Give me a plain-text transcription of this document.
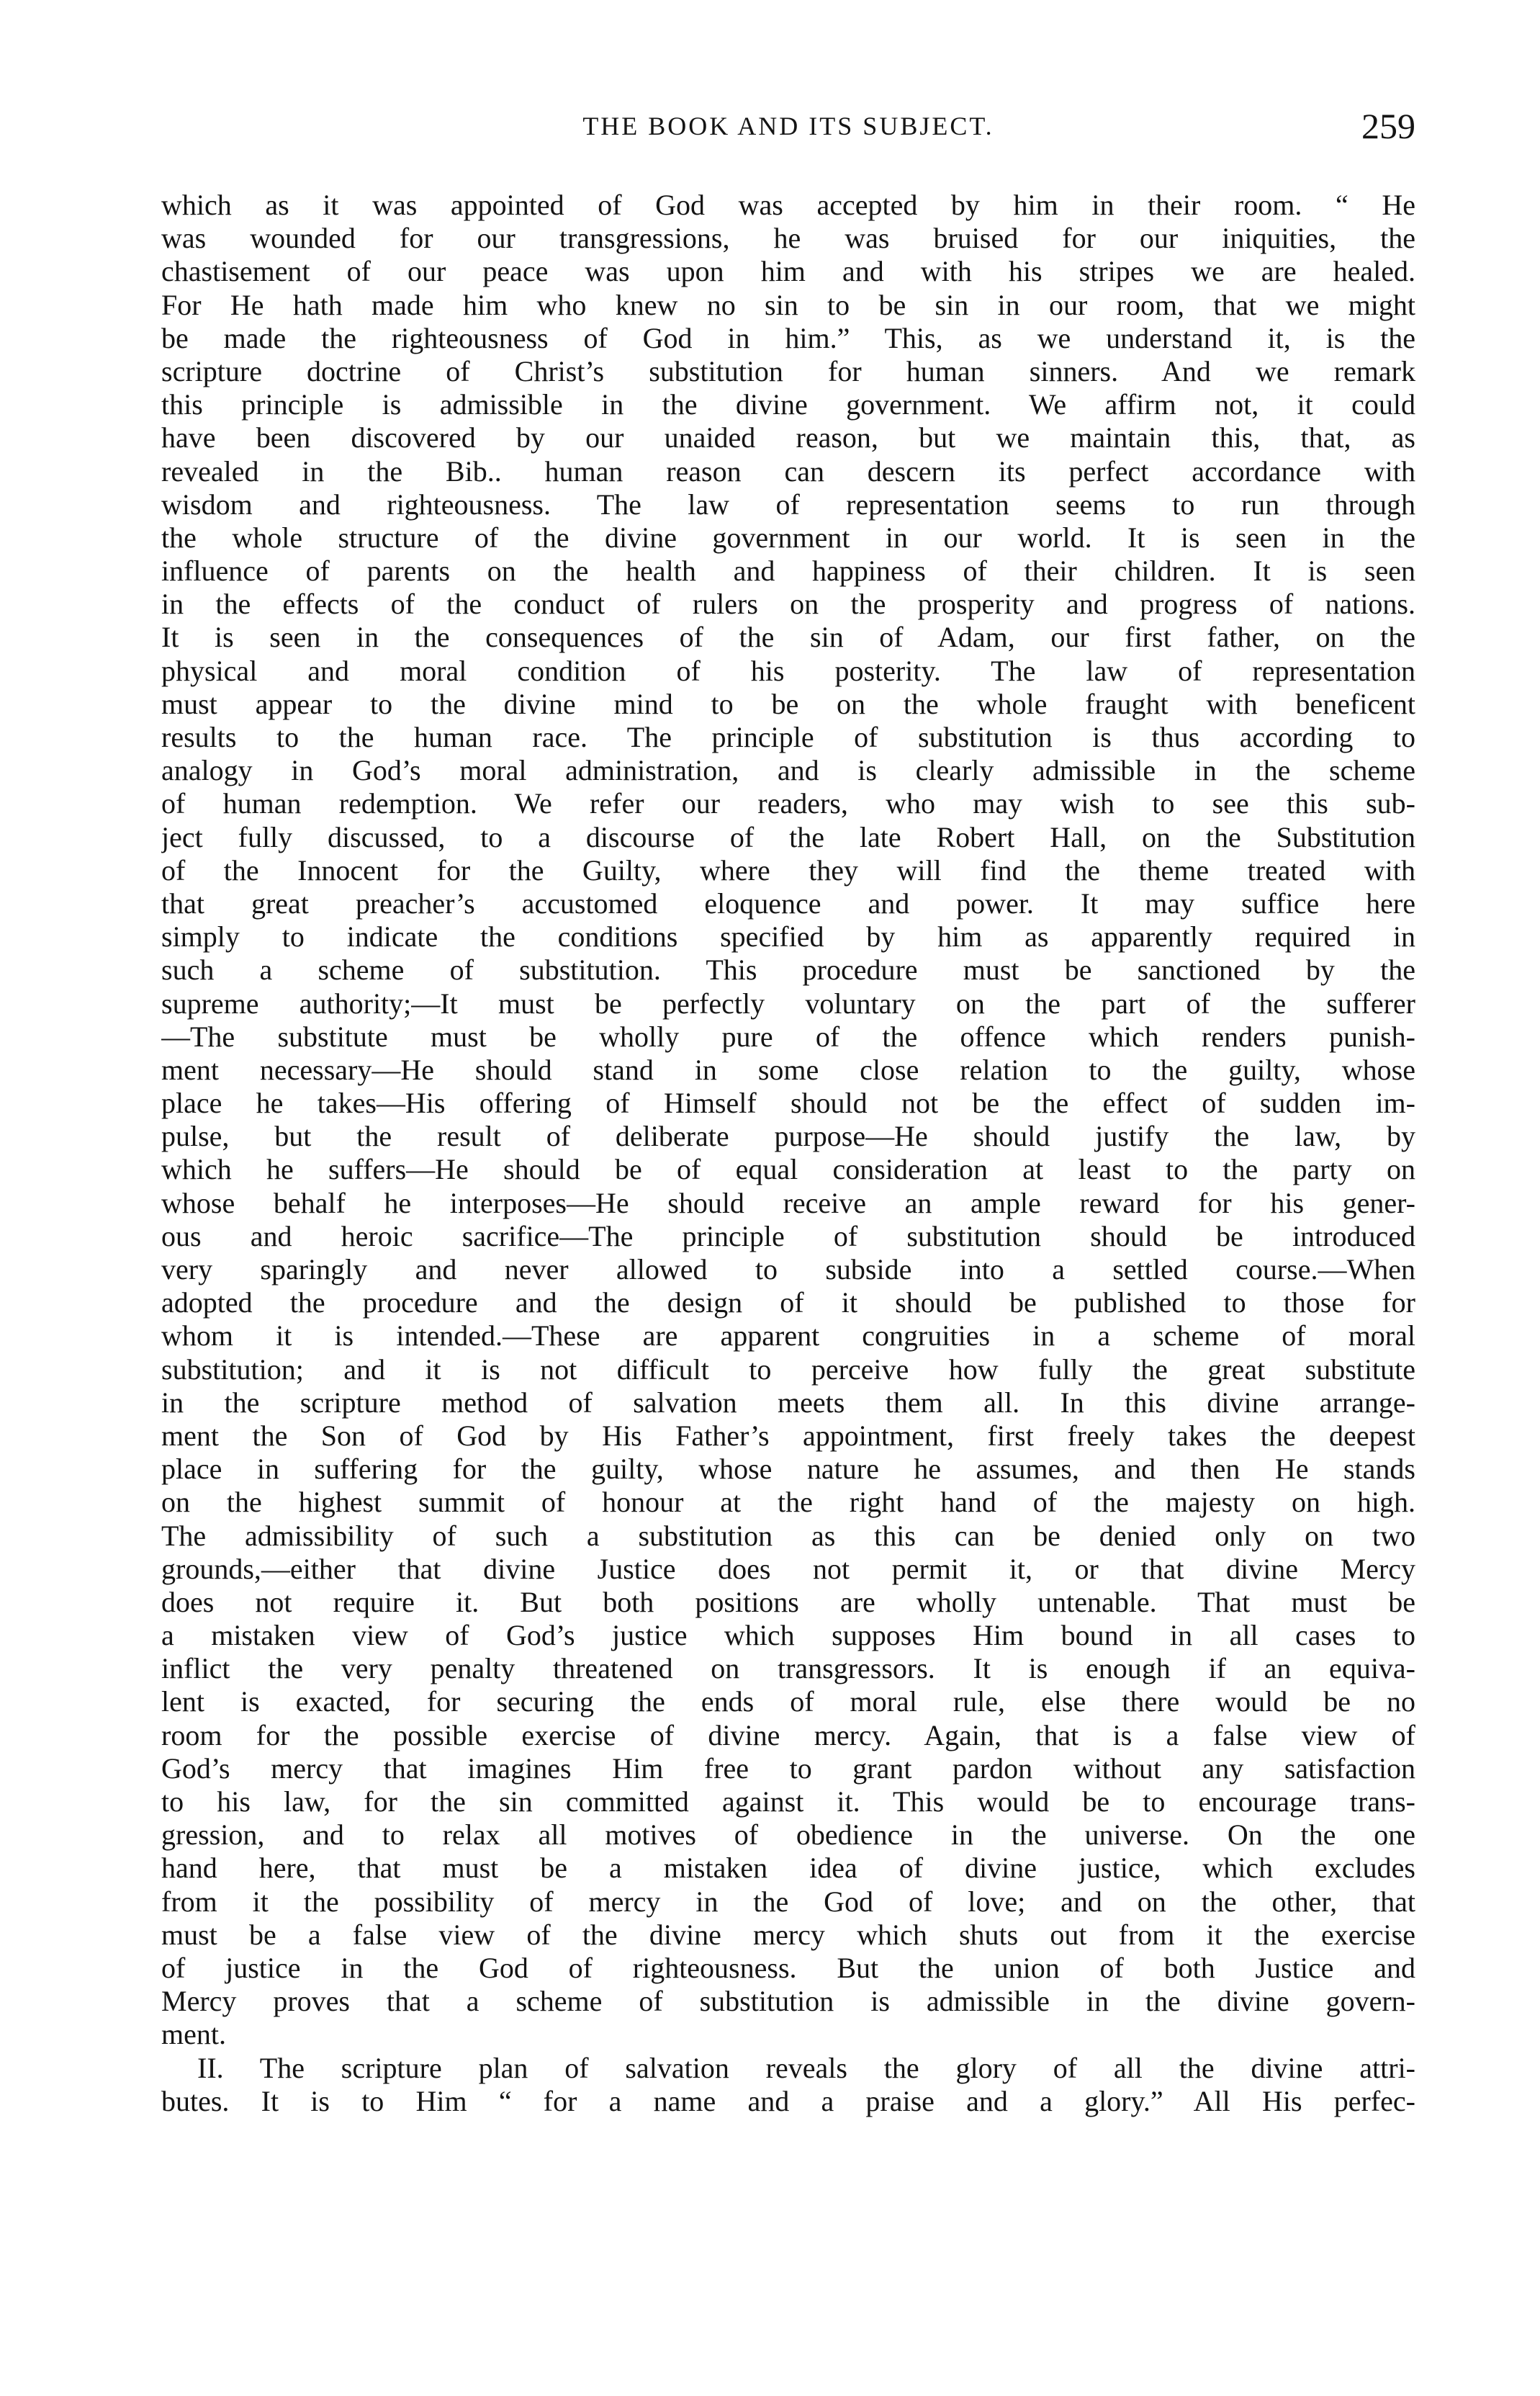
THE BOOK AND ITS SUBJECT.	259
which as it was appointed of God was accepted by him in their room. “ He
was wounded for our transgressions, he was bruised for our iniquities, the
chastisement of our peace was upon him and with his stripes we are healed.
For He hath made him who knew no sin to be sin in our room, that we might
be made the righteousness of God in him.” This, as we understand it, is the
scripture doctrine of Christ’s substitution for human sinners. And we remark
this principle is admissible in the divine government. We affirm not, it could
have been discovered by our unaided reason, but we maintain this, that, as
revealed in the Bib.. human reason can descern its perfect accordance with
wisdom and righteousness. The law of representation seems to run through
the whole structure of the divine government in our world. It is seen in the
influence of parents on the health and happiness of their children. It is seen
in the effects of the conduct of rulers on the prosperity and progress of nations.
It is seen in the consequences of the sin of Adam, our first father, on the
physical and moral condition of his posterity. The law of representation
must appear to the divine mind to be on the whole fraught with beneficent
results to the human race. The principle of substitution is thus according to
analogy in God’s moral administration, and is clearly admissible in the scheme
of human redemption. We refer our readers, who may wish to see this sub-
ject fully discussed, to a discourse of the late Robert Hall, on the Substitution
of the Innocent for the Guilty, where they will find the theme treated with
that great preacher’s accustomed eloquence and power. It may suffice here
simply to indicate the conditions specified by him as apparently required in
such a scheme of substitution. This procedure must be sanctioned by the
supreme authority;—It must be perfectly voluntary on the part of the sufferer
—The substitute must be wholly pure of the offence which renders punish-
ment necessary—He should stand in some close relation to the guilty, whose
place he takes—His offering of Himself should not be the effect of sudden im-
pulse, but the result of deliberate purpose—He should justify the law, by
which he suffers—He should be of equal consideration at least to the party on
whose behalf he interposes—He should receive an ample reward for his gener-
ous and heroic sacrifice—The principle of substitution should be introduced
very sparingly and never allowed to subside into a settled course.—When
adopted the procedure and the design of it should be published to those for
whom it is intended.—These are apparent congruities in a scheme of moral
substitution; and it is not difficult to perceive how fully the great substitute
in the scripture method of salvation meets them all. In this divine arrange-
ment the Son of God by His Father’s appointment, first freely takes the deepest
place in suffering for the guilty, whose nature he assumes, and then He stands
on the highest summit of honour at the right hand of the majesty on high.
The admissibility of such a substitution as this can be denied only on two
grounds,—either that divine Justice does not permit it, or that divine Mercy
does not require it. But both positions are wholly untenable. That must be
a mistaken view of God’s justice which supposes Him bound in all cases to
inflict the very penalty threatened on transgressors. It is enough if an equiva-
lent is exacted, for securing the ends of moral rule, else there would be no
room for the possible exercise of divine mercy. Again, that is a false view of
God’s mercy that imagines Him free to grant pardon without any satisfaction
to his law, for the sin committed against it. This would be to encourage trans-
gression, and to relax all motives of obedience in the universe. On the one
hand here, that must be a mistaken idea of divine justice, which excludes
from it the possibility of mercy in the God of love; and on the other, that
must be a false view of the divine mercy which shuts out from it the exercise
of justice in the God of righteousness. But the union of both Justice and
Mercy proves that a scheme of substitution is admissible in the divine govern-
ment.
II. The scripture plan of salvation reveals the glory of all the divine attri-
butes. It is to Him “ for a name and a praise and a glory.” All His perfec-
